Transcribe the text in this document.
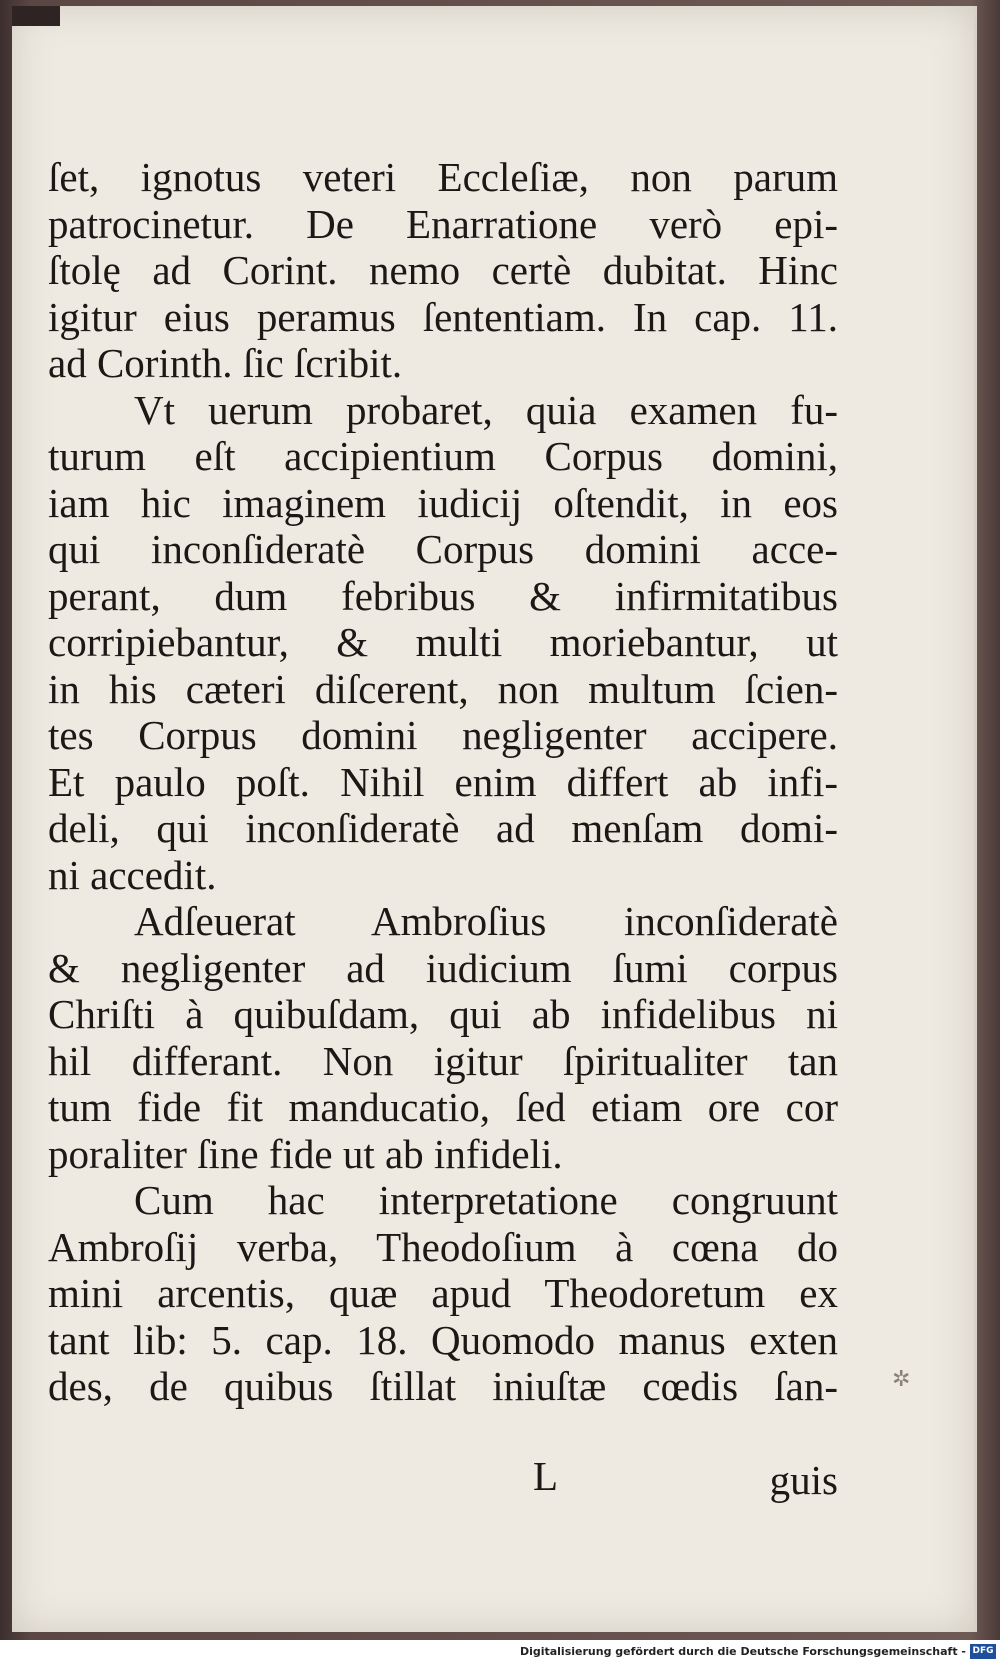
ſet, ignotus veteri Eccleſiæ, non parum
patrocinetur. De Enarratione verò epi-
ſtolę ad Corint. nemo certè dubitat. Hinc
igitur eius peramus ſententiam. In cap. 11.
ad Corinth. ſic ſcribit.
Vt uerum probaret, quia examen fu-
turum eſt accipientium Corpus domini,
iam hic imaginem iudicij oſtendit, in eos
qui inconſideratè Corpus domini acce-
perant, dum febribus & infirmitatibus
corripiebantur, & multi moriebantur, ut
in his cæteri diſcerent, non multum ſcien-
tes Corpus domini negligenter accipere.
Et paulo poſt. Nihil enim differt ab infi-
deli, qui inconſideratè ad menſam domi-
ni accedit.
Adſeuerat Ambroſius inconſideratè
& negligenter ad iudicium ſumi corpus
Chriſti à quibuſdam, qui ab infidelibus ni
hil differant. Non igitur ſpiritualiter tan
tum fide fit manducatio, ſed etiam ore cor
poraliter ſine fide ut ab infideli.
Cum hac interpretatione congruunt
Ambroſij verba, Theodoſium à cœna do
mini arcentis, quæ apud Theodoretum ex
tant lib: 5. cap. 18. Quomodo manus exten
des, de quibus ſtillat iniuſtæ cœdis ſan-
L	guis
✲
Digitalisierung gefördert durch die Deutsche Forschungsgemeinschaft - DFG
